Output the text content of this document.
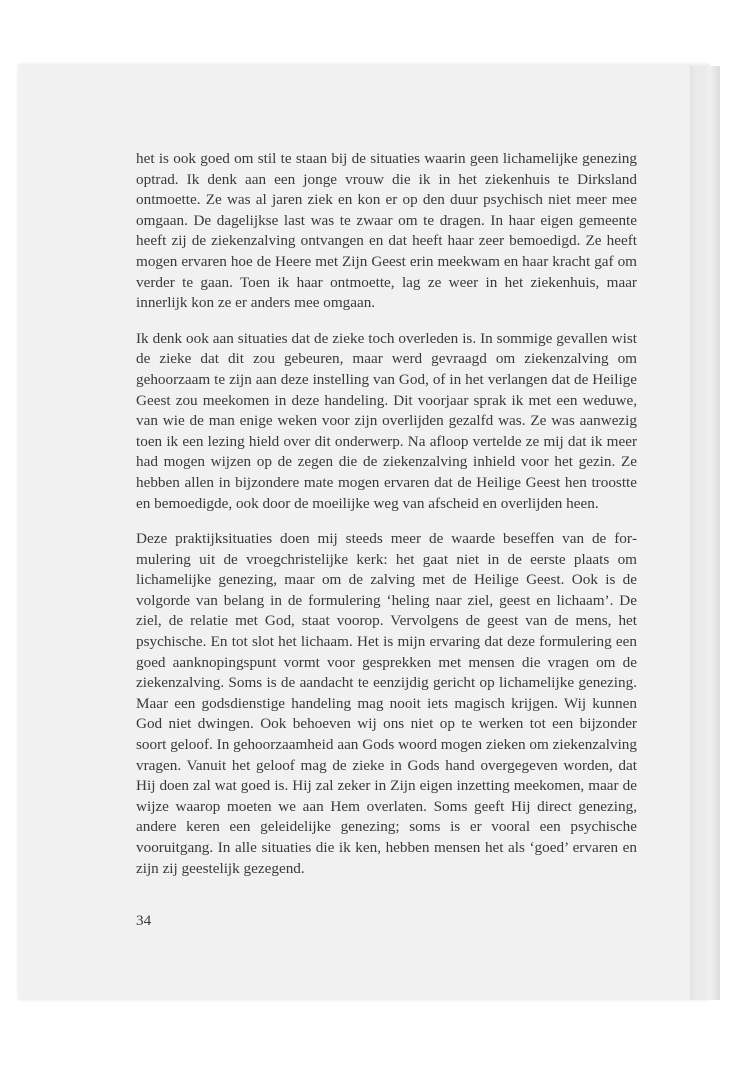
het is ook goed om stil te staan bij de situaties waarin geen lichamelijke genezing optrad. Ik denk aan een jonge vrouw die ik in het ziekenhuis te Dirksland ontmoette. Ze was al jaren ziek en kon er op den duur psychisch niet meer mee omgaan. De dagelijkse last was te zwaar om te dragen. In haar eigen gemeente heeft zij de ziekenzalving ontvangen en dat heeft haar zeer bemoedigd. Ze heeft mogen ervaren hoe de Heere met Zijn Geest erin meekwam en haar kracht gaf om verder te gaan. Toen ik haar ontmoette, lag ze weer in het ziekenhuis, maar innerlijk kon ze er anders mee omgaan.

Ik denk ook aan situaties dat de zieke toch overleden is. In sommige gevallen wist de zieke dat dit zou gebeuren, maar werd gevraagd om ziekenzalving om gehoorzaam te zijn aan deze instelling van God, of in het verlangen dat de Heilige Geest zou meekomen in deze handeling. Dit voorjaar sprak ik met een weduwe, van wie de man enige weken voor zijn overlijden gezalfd was. Ze was aanwezig toen ik een lezing hield over dit onderwerp. Na afloop vertelde ze mij dat ik meer had mogen wijzen op de zegen die de ziekenzalving inhield voor het gezin. Ze hebben allen in bijzondere mate mogen ervaren dat de Heilige Geest hen troostte en bemoedigde, ook door de moeilijke weg van afscheid en overlijden heen.

Deze praktijksituaties doen mij steeds meer de waarde beseffen van de formulering uit de vroegchristelijke kerk: het gaat niet in de eerste plaats om lichamelijke genezing, maar om de zalving met de Heilige Geest. Ook is de volgorde van belang in de formulering ‘heling naar ziel, geest en lichaam’. De ziel, de relatie met God, staat voorop. Vervolgens de geest van de mens, het psychische. En tot slot het lichaam. Het is mijn ervaring dat deze formulering een goed aanknopingspunt vormt voor gesprekken met mensen die vragen om de ziekenzalving. Soms is de aandacht te eenzijdig gericht op lichamelijke genezing. Maar een godsdienstige handeling mag nooit iets magisch krijgen. Wij kunnen God niet dwingen. Ook behoeven wij ons niet op te werken tot een bijzonder soort geloof. In gehoorzaamheid aan Gods woord mogen zieken om ziekenzalving vragen. Vanuit het geloof mag de zieke in Gods hand overgegeven worden, dat Hij doen zal wat goed is. Hij zal zeker in Zijn eigen inzetting meekomen, maar de wijze waarop moeten we aan Hem overlaten. Soms geeft Hij direct genezing, andere keren een geleidelijke genezing; soms is er vooral een psychische vooruitgang. In alle situaties die ik ken, hebben mensen het als ‘goed’ ervaren en zijn zij geestelijk gezegend.

34
